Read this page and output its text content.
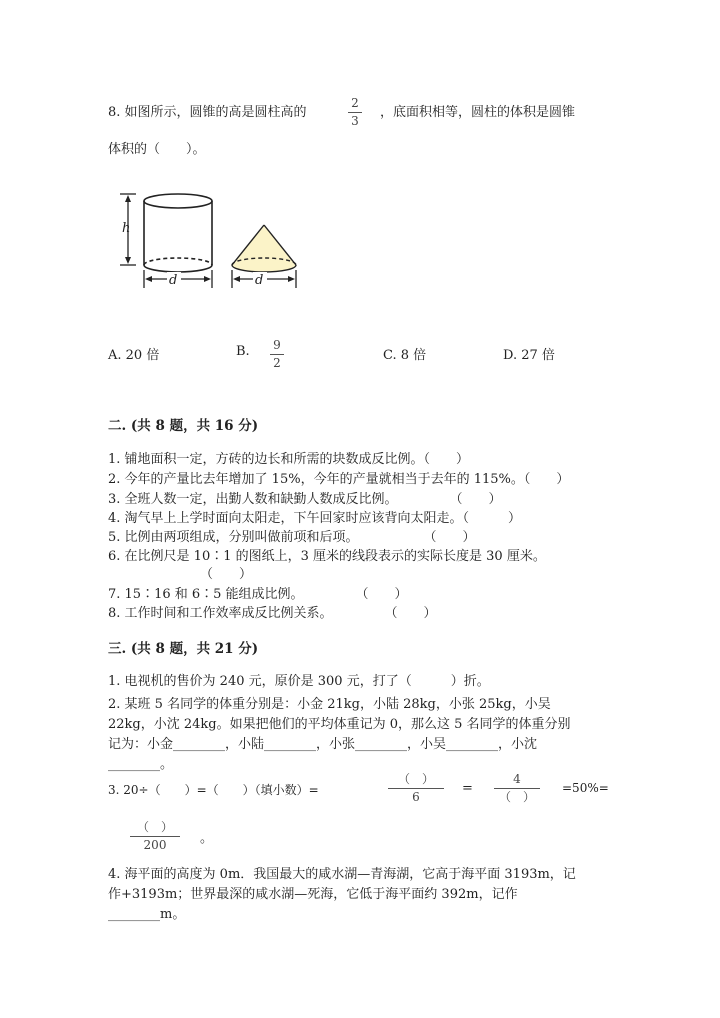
8. 如图所示，圆锥的高是圆柱高的
2
3
，底面积相等，圆柱的体积是圆锥
体积的（　　）。
h
d	d
A. 20 倍	B. 9
2	C. 8 倍	D. 27 倍
二. (共 8 题，共 16 分)
1. 铺地面积一定，方砖的边长和所需的块数成反比例。（　　）
2. 今年的产量比去年增加了 15%，今年的产量就相当于去年的 115%。（　　）
3. 全班人数一定，出勤人数和缺勤人数成反比例。　　　　　（　　）
4. 淘气早上上学时面向太阳走，下午回家时应该背向太阳走。（　　　）
5. 比例由两项组成，分别叫做前项和后项。　　　　　　（　　）
6. 在比例尺是 10∶1 的图纸上，3 厘米的线段表示的实际长度是 30 厘米。
（　　）
7. 15∶16 和 6∶5 能组成比例。　　　　　（　　）
8. 工作时间和工作效率成反比例关系。　　　　　（　　）
三. (共 8 题，共 21 分)
1. 电视机的售价为 240 元，原价是 300 元，打了（　　　）折。
2. 某班 5 名同学的体重分别是：小金 21kg，小陆 28kg，小张 25kg，小吴
22kg，小沈 24kg。如果把他们的平均体重记为 0，那么这 5 名同学的体重分别
记为：小金________，小陆________，小张________，小吴________，小沈
________。
3. 20÷（　　）=（　　）（填小数）=
（　）
6
=
4
（　）
=50%=
（　）
200	。
4. 海平面的高度为 0m．我国最大的咸水湖—青海湖，它高于海平面 3193m，记
作+3193m；世界最深的咸水湖—死海，它低于海平面约 392m，记作
________m。
